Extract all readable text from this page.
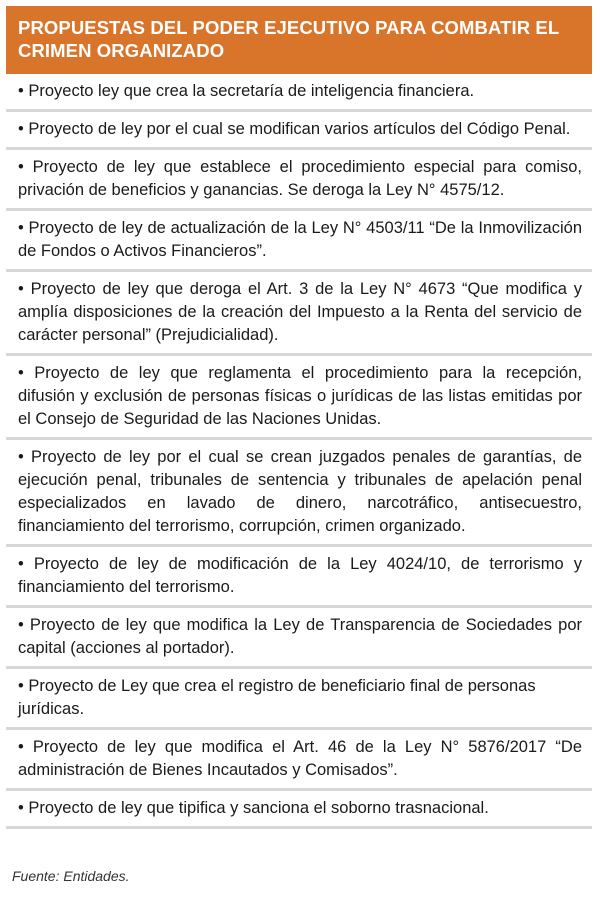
PROPUESTAS DEL PODER EJECUTIVO PARA COMBATIR EL CRIMEN ORGANIZADO
• Proyecto ley que crea la secretaría de inteligencia financiera.
• Proyecto de ley por el cual se modifican varios artículos del Código Penal.
• Proyecto de ley que establece el procedimiento especial para comiso, privación de beneficios y ganancias. Se deroga la Ley N° 4575/12.
• Proyecto de ley de actualización de la Ley N° 4503/11 “De la Inmovilización de Fondos o Activos Financieros”.
• Proyecto de ley que deroga el Art. 3 de la Ley N° 4673 “Que modifica y amplía disposiciones de la creación del Impuesto a la Renta del servicio de carácter personal” (Prejudicialidad).
• Proyecto de ley que reglamenta el procedimiento para la recepción, difusión y exclusión de personas físicas o jurídicas de las listas emitidas por el Consejo de Seguridad de las Naciones Unidas.
• Proyecto de ley por el cual se crean juzgados penales de garantías, de ejecución penal, tribunales de sentencia y tribunales de apelación penal especializados en lavado de dinero, narcotráfico, antisecuestro, financiamiento del terrorismo, corrupción, crimen organizado.
• Proyecto de ley de modificación de la Ley 4024/10, de terrorismo y financiamiento del terrorismo.
• Proyecto de ley que modifica la Ley de Transparencia de Sociedades por capital (acciones al portador).
• Proyecto de Ley que crea el registro de beneficiario final de personas jurídicas.
• Proyecto de ley que modifica el Art. 46 de la Ley N° 5876/2017 “De administración de Bienes Incautados y Comisados”.
• Proyecto de ley que tipifica y sanciona el soborno trasnacional.
Fuente: Entidades.
